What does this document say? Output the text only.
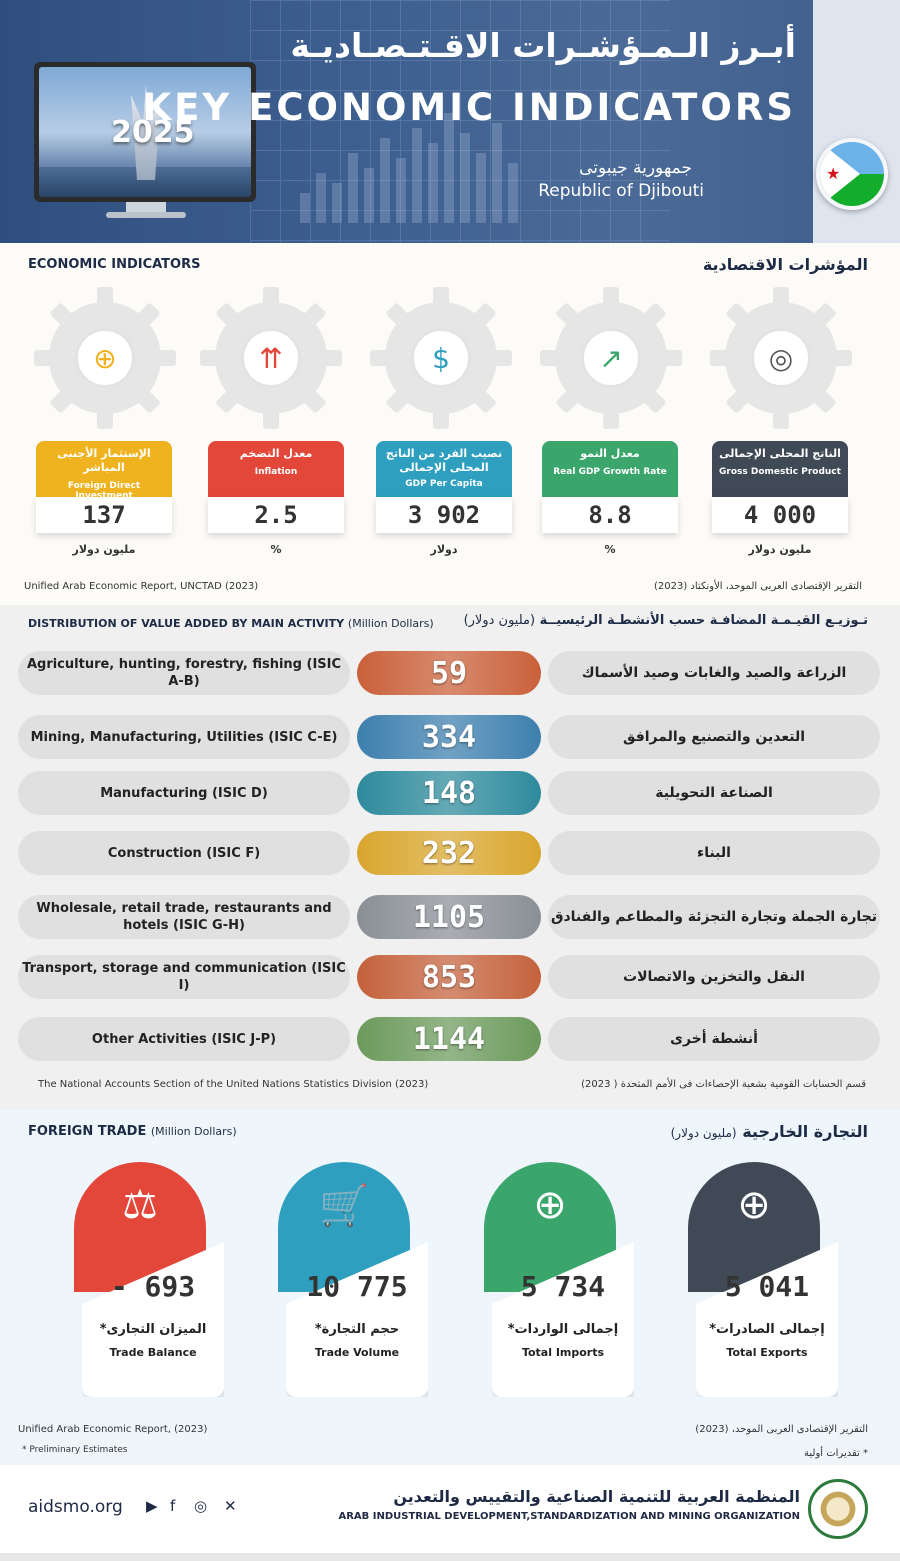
2025
أبـرز الـمـؤشـرات الاقـتـصـاديـة
KEY ECONOMIC INDICATORS
جمهورية جيبوتى
Republic of Djibouti
★
ECONOMIC INDICATORS	المؤشرات الاقتصادية
◎
↗
$
⇈
⊕
الناتج المحلى الإجمالى
Gross Domestic Product
4 000
معدل النمو
Real GDP Growth Rate
8.8
نصيب الفرد من الناتج المحلى الإجمالى
GDP Per Capita
3 902
معدل التضخم
Inflation
2.5
الإستثمار الأجنبى المباشر
Foreign Direct Investment
137
مليون دولار
%
دولار
%
مليون دولار
Unified Arab Economic Report, UNCTAD (2023)	التقرير الإقتصادى العربى الموحد، الأونكتاد (2023)
DISTRIBUTION OF VALUE ADDED BY MAIN ACTIVITY (Million Dollars)	تـوزيـع القيـمـة المضافـة حسب الأنشطـة الرئيسيــة (مليون دولار)
Agriculture, hunting, forestry, fishing (ISIC A-B)	59	الزراعة والصيد والغابات وصيد الأسماك
Mining, Manufacturing, Utilities (ISIC C-E)	334	التعدين والتصنيع والمرافق
Manufacturing (ISIC D)	148	الصناعة التحويلية
Construction (ISIC F)	232	البناء
Wholesale, retail trade, restaurants and hotels (ISIC G-H)	1105	تجارة الجملة وتجارة التجزئة والمطاعم والفنادق
Transport, storage and communication (ISIC I)	853	النقل والتخزين والاتصالات
Other Activities (ISIC J-P)	1144	أنشطة أخرى
The National Accounts Section of the United Nations Statistics Division (2023)	قسم الحسابات القومية بشعبة الإحصاءات فى الأمم المتحدة ( 2023)
FOREIGN TRADE (Million Dollars)	التجارة الخارجية (مليون دولار)
⚖
- 693
الميزان التجارى*
Trade Balance
🛒
10 775
حجم التجارة*
Trade Volume
⊕
5 734
إجمالى الواردات*
Total Imports
⊕
5 041
إجمالى الصادرات*
Total Exports
Unified Arab Economic Report, (2023)	التقرير الإقتصادى العربى الموحد، (2023)
* Preliminary Estimates	* تقديرات أولية
aidsmo.org ▶ f ◎ ✕	المنظمة العربية للتنمية الصناعية والتقييس والتعدين
ARAB INDUSTRIAL DEVELOPMENT,STANDARDIZATION AND MINING ORGANIZATION
